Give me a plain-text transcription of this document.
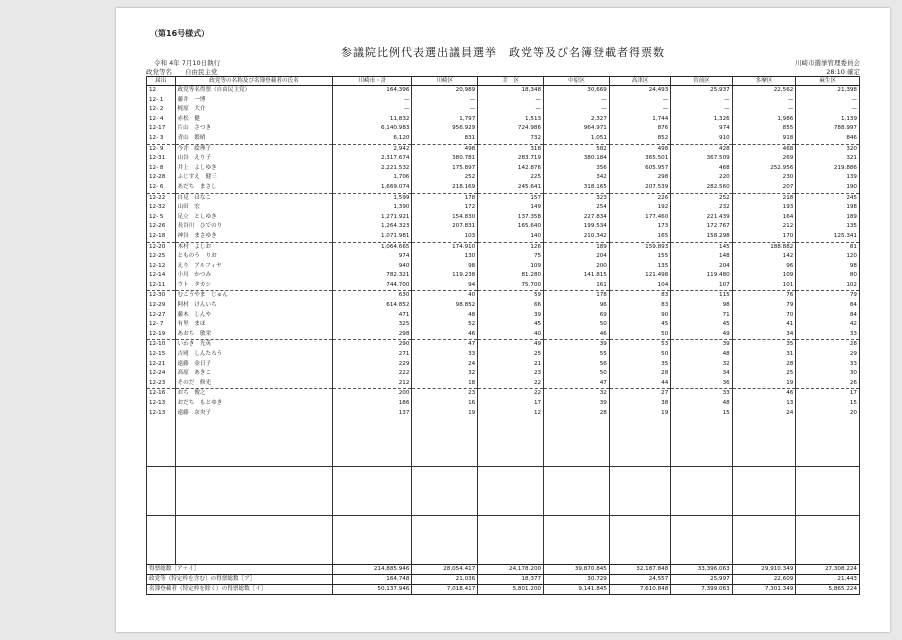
（第16号様式）
参議院比例代表選出議員選挙　政党等及び名簿登載者得票数
令和 4年 7月10日執行	川崎市選挙管理委員会
政党等名　　自由民主党	28:10 確定
届出	政党等の名称及び名簿登載者の氏名	川崎市・計	川崎区	幸　区	中原区	高津区	宮前区	多摩区	麻生区
12	政党等名得票（自由民主党）	164,396	20,989	18,348	30,669	24,493	25,937	22,562	21,398
12- 1	藤井　一博	—	—	—	—	—	—	—	—
12- 2	梶原　大介	—	—	—	—	—	—	—	—
12- 4	赤松　健	11,832	1,797	1,513	2,327	1,744	1,326	1,986	1,139
12-17	片山　さつき	6,140.983	956.929	724.986	964.971	876	974	855	788.997
12- 3	青山　繁晴	6,120	831	732	1,051	852	910	918	846
12- 9	今井　絵理子	2,942	498	318	582	498	428	468	320
12-31	山谷　えり子	2,317.674	380.781	283.719	380.184	365.501	367.509	269	321
12- 8	井上　よしゆき	2,221.532	175.897	142.876	356	605.957	468	252.956	219.886
12-28	ふじすえ　健三	1,706	252	225	342	298	220	230	139
12- 6	あだち　まさし	1,669.074	218.169	245.641	318.165	207.539	282.560	207	190
12-22	自見　はなこ	1,599	178	157	323	226	252	218	245
12-32	山田　宏	1,390	172	149	254	192	232	193	198
12- 5	足立　としゆき	1,271.921	154.830	137.358	227.834	177.460	221.439	164	189
12-26	長谷川　ひでのり	1,264.323	207.831	165.640	199.534	173	172.767	212	135
12-18	神谷　まさゆき	1,071.981	103	140	210.342	165	158.298	170	125.341
12-20	木村　よしお	1,064.665	174.910	126	189	159.893	145	188.882	81
12-25	とものう　りお	974	130	75	204	155	148	142	120
12-12	えり　アルフィヤ	940	98	109	200	135	204	96	98
12-14	小川　かつみ	782.321	119.238	81.280	141.815	121.498	119.480	109	80
12-11	ウト　タカシ	744.700	94	75.700	161	104	107	101	102
12-30	むこうやま　じゅん	630	40	59	178	83	115	76	79
12-29	阿村　けんいち	614.852	98.852	66	96	83	98	79	84
12-27	藤木　しんや	471	48	39	69	90	71	70	84
12- 7	有里　まほ	325	52	45	50	45	45	41	42
12-19	あおち　敏栄	298	46	40	46	50	49	34	33
12-10	いわき　光英	290	47	49	39	53	39	35	28
12-15	吉岡　しんたろう	271	33	25	55	50	48	31	29
12-21	遠藤　金日子	229	24	21	56	35	32	28	33
12-24	高原　あきこ	222	32	23	50	28	34	25	30
12-23	そのだ　修光	212	18	22	47	44	36	19	26
12-16	おち　俊之	200	23	22	32	27	33	46	17
12-13	おだち　もとゆき	186	16	17	39	38	48	13	15
12-13	遠藤　奈央子	137	19	12	28	19	15	24	20

得票総数［ア＋イ］		214,885.946	28,054.417	24,178.200	39,870.845	32,187.848	33,396.063	29,910.349	27,308.224
政党等（特定枠を含む）の得票総数［ア］		164,748	21,036	18,377	30,729	24,557	25,997	22,609	21,443
名簿登載者（特定枠を除く）の得票総数［イ］		50,137.946	7,018.417	5,801.200	9,141.845	7,610.848	7,399.063	7,301.349	5,865.224
